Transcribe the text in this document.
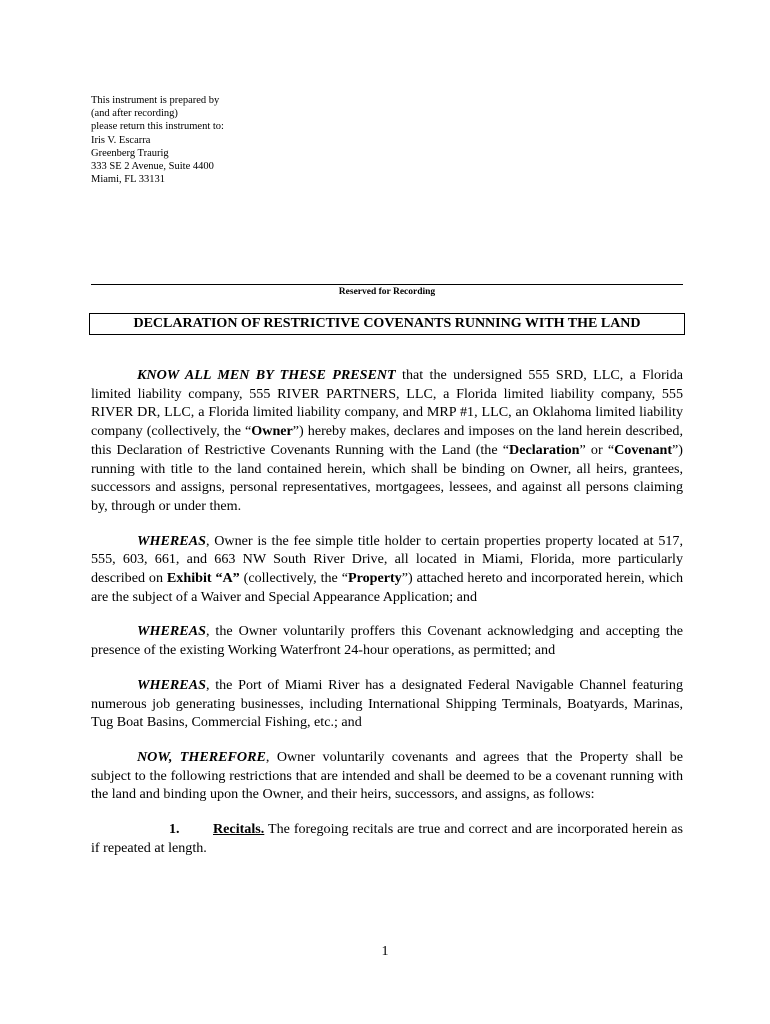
This instrument is prepared by
(and after recording)
please return this instrument to:
Iris V. Escarra
Greenberg Traurig
333 SE 2 Avenue, Suite 4400
Miami, FL 33131
Reserved for Recording
DECLARATION OF RESTRICTIVE COVENANTS RUNNING WITH THE LAND

KNOW ALL MEN BY THESE PRESENT that the undersigned 555 SRD, LLC, a Florida limited liability company, 555 RIVER PARTNERS, LLC, a Florida limited liability company, 555 RIVER DR, LLC, a Florida limited liability company, and MRP #1, LLC, an Oklahoma limited liability company (collectively, the “Owner”) hereby makes, declares and imposes on the land herein described, this Declaration of Restrictive Covenants Running with the Land (the “Declaration” or “Covenant”) running with title to the land contained herein, which shall be binding on Owner, all heirs, grantees, successors and assigns, personal representatives, mortgagees, lessees, and against all persons claiming by, through or under them.

WHEREAS, Owner is the fee simple title holder to certain properties property located at 517, 555, 603, 661, and 663 NW South River Drive, all located in Miami, Florida, more particularly described on Exhibit “A” (collectively, the “Property”) attached hereto and incorporated herein, which are the subject of a Waiver and Special Appearance Application; and

WHEREAS, the Owner voluntarily proffers this Covenant acknowledging and accepting the presence of the existing Working Waterfront 24-hour operations, as permitted; and

WHEREAS, the Port of Miami River has a designated Federal Navigable Channel featuring numerous job generating businesses, including International Shipping Terminals, Boatyards, Marinas, Tug Boat Basins, Commercial Fishing, etc.; and

NOW, THEREFORE, Owner voluntarily covenants and agrees that the Property shall be subject to the following restrictions that are intended and shall be deemed to be a covenant running with the land and binding upon the Owner, and their heirs, successors, and assigns, as follows:

1. Recitals. The foregoing recitals are true and correct and are incorporated herein as if repeated at length.

1
